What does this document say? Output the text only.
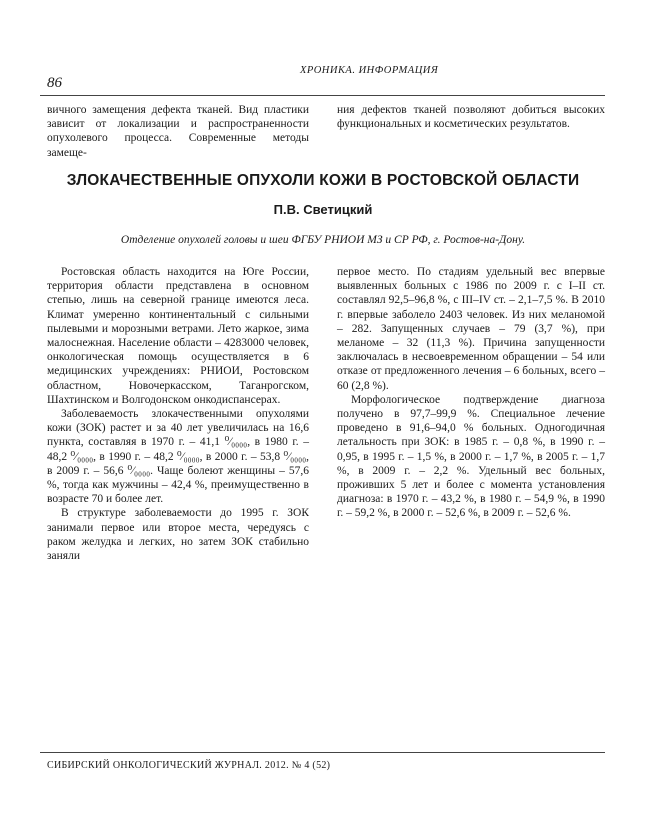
ХРОНИКА. ИНФОРМАЦИЯ
86

вичного замещения дефекта тканей. Вид пластики зависит от локализации и распространенности опухолевого процесса. Современные методы замеще-

ния дефектов тканей позволяют добиться высоких функциональных и косметических результатов.

ЗЛОКАЧЕСТВЕННЫЕ ОПУХОЛИ КОЖИ В РОСТОВСКОЙ ОБЛАСТИ
П.В. Светицкий
Отделение опухолей головы и шеи ФГБУ РНИОИ МЗ и СР РФ, г. Ростов-на-Дону.

Ростовская область находится на Юге России, территория области представлена в основном степью, лишь на северной границе имеются леса. Климат умеренно континентальный с сильными пылевыми и морозными ветрами. Лето жаркое, зима малоснежная. Население области – 4283000 человек, онкологическая помощь осуществляется в 6 медицинских учреждениях: РНИОИ, Ростовском областном, Новочеркасском, Таганрогском, Шахтинском и Волгодонском онкодиспансерах.

Заболеваемость злокачественными опухолями кожи (ЗОК) растет и за 40 лет увеличилась на 16,6 пункта, составляя в 1970 г. – 41,1 ⁰⁄₀₀₀₀, в 1980 г. – 48,2 ⁰⁄₀₀₀₀, в 1990 г. – 48,2 ⁰⁄₀₀₀₀, в 2000 г. – 53,8 ⁰⁄₀₀₀₀, в 2009 г. – 56,6 ⁰⁄₀₀₀₀. Чаще болеют женщины – 57,6 %, тогда как мужчины – 42,4 %, преимущественно в возрасте 70 и более лет.

В структуре заболеваемости до 1995 г. ЗОК занимали первое или второе места, чередуясь с раком желудка и легких, но затем ЗОК стабильно заняли

первое место. По стадиям удельный вес впервые выявленных больных с 1986 по 2009 г. с I–II ст. составлял 92,5–96,8 %, с III–IV ст. – 2,1–7,5 %. В 2010 г. впервые заболело 2403 человек. Из них меланомой – 282. Запущенных случаев – 79 (3,7 %), при меланоме – 32 (11,3 %). Причина запущенности заключалась в несвоевременном обращении – 54 или отказе от предложенного лечения – 6 больных, всего – 60 (2,8 %).

Морфологическое подтверждение диагноза получено в 97,7–99,9 %. Специальное лечение проведено в 91,6–94,0 % больных. Одногодичная летальность при ЗОК: в 1985 г. – 0,8 %, в 1990 г. – 0,95, в 1995 г. – 1,5 %, в 2000 г. – 1,7 %, в 2005 г. – 1,7 %, в 2009 г. – 2,2 %. Удельный вес больных, проживших 5 лет и более с момента установления диагноза: в 1970 г. – 43,2 %, в 1980 г. – 54,9 %, в 1990 г. – 59,2 %, в 2000 г. – 52,6 %, в 2009 г. – 52,6 %.

СИБИРСКИЙ ОНКОЛОГИЧЕСКИЙ ЖУРНАЛ. 2012. № 4 (52)
